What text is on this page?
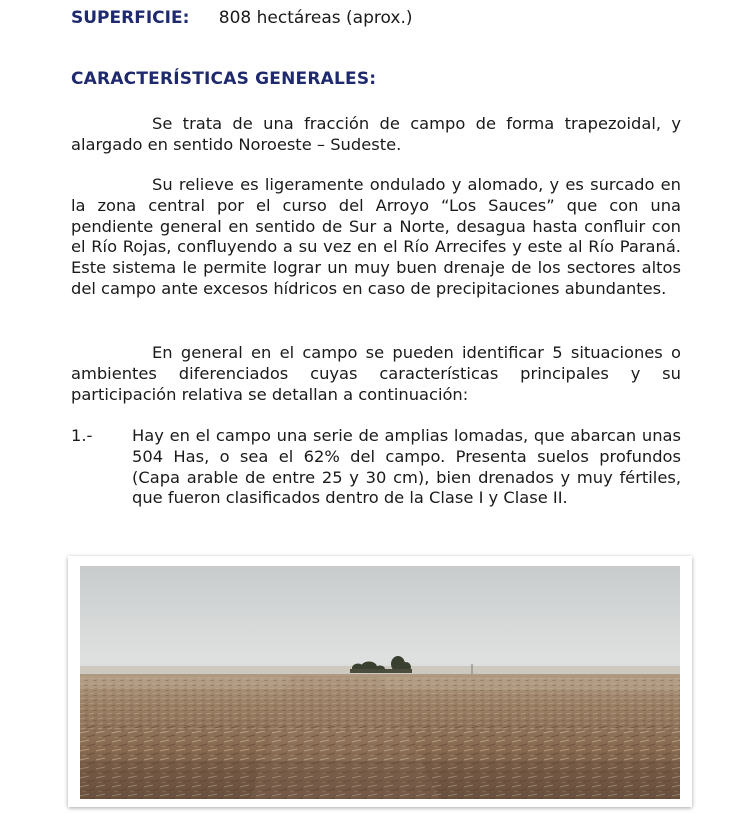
SUPERFICIE: 808 hectáreas (aprox.)
CARACTERÍSTICAS GENERALES:

Se trata de una fracción de campo de forma trapezoidal, y alargado en sentido Noroeste – Sudeste.

Su relieve es ligeramente ondulado y alomado, y es surcado en la zona central por el curso del Arroyo “Los Sauces” que con una pendiente general en sentido de Sur a Norte, desagua hasta confluir con el Río Rojas, confluyendo a su vez en el Río Arrecifes y este al Río Paraná. Este sistema le permite lograr un muy buen drenaje de los sectores altos del campo ante excesos hídricos en caso de precipitaciones abundantes.

En general en el campo se pueden identificar 5 situaciones o ambientes diferenciados cuyas características principales y su participación relativa se detallan a continuación:

1.- Hay en el campo una serie de amplias lomadas, que abarcan unas 504 Has, o sea el 62% del campo. Presenta suelos profundos (Capa arable de entre 25 y 30 cm), bien drenados y muy fértiles, que fueron clasificados dentro de la Clase I y Clase II.
